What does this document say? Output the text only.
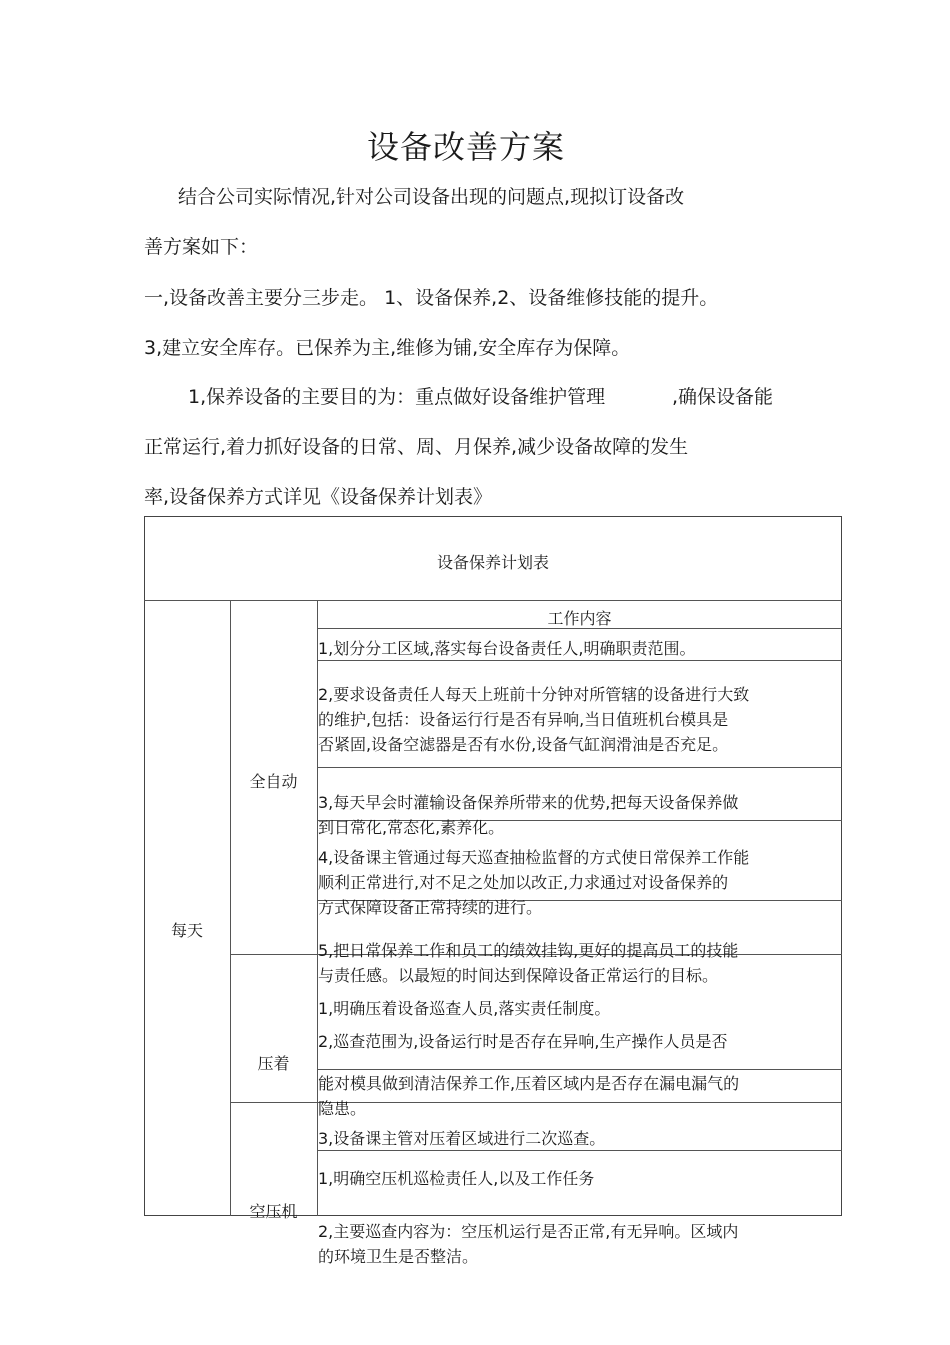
设备改善方案
结合公司实际情况,针对公司设备出现的问题点,现拟订设备改
善方案如下：
一,设备改善主要分三步走。 1、设备保养,2、设备维修技能的提升。
3,建立安全库存。已保养为主,维修为铺,安全库存为保障。
1,保养设备的主要目的为：重点做好设备维护管理	,确保设备能
正常运行,着力抓好设备的日常、周、月保养,减少设备故障的发生
率,设备保养方式详见《设备保养计划表》
设备保养计划表
工作内容
每天
全自动
压着
空压机
1,划分分工区域,落实每台设备责任人,明确职责范围。
2,要求设备责任人每天上班前十分钟对所管辖的设备进行大致
的维护,包括：设备运行行是否有异响,当日值班机台模具是
否紧固,设备空滤器是否有水份,设备气缸润滑油是否充足。
3,每天早会时灌输设备保养所带来的优势,把每天设备保养做
到日常化,常态化,素养化。
4,设备课主管通过每天巡查抽检监督的方式使日常保养工作能
顺利正常进行,对不足之处加以改正,力求通过对设备保养的
方式保障设备正常持续的进行。
5,把日常保养工作和员工的绩效挂钩,更好的提高员工的技能
与责任感。以最短的时间达到保障设备正常运行的目标。
1,明确压着设备巡查人员,落实责任制度。
2,巡查范围为,设备运行时是否存在异响,生产操作人员是否
能对模具做到清洁保养工作,压着区域内是否存在漏电漏气的
隐患。
3,设备课主管对压着区域进行二次巡查。
1,明确空压机巡检责任人,以及工作任务
2,主要巡查内容为：空压机运行是否正常,有无异响。区域内
的环境卫生是否整洁。
